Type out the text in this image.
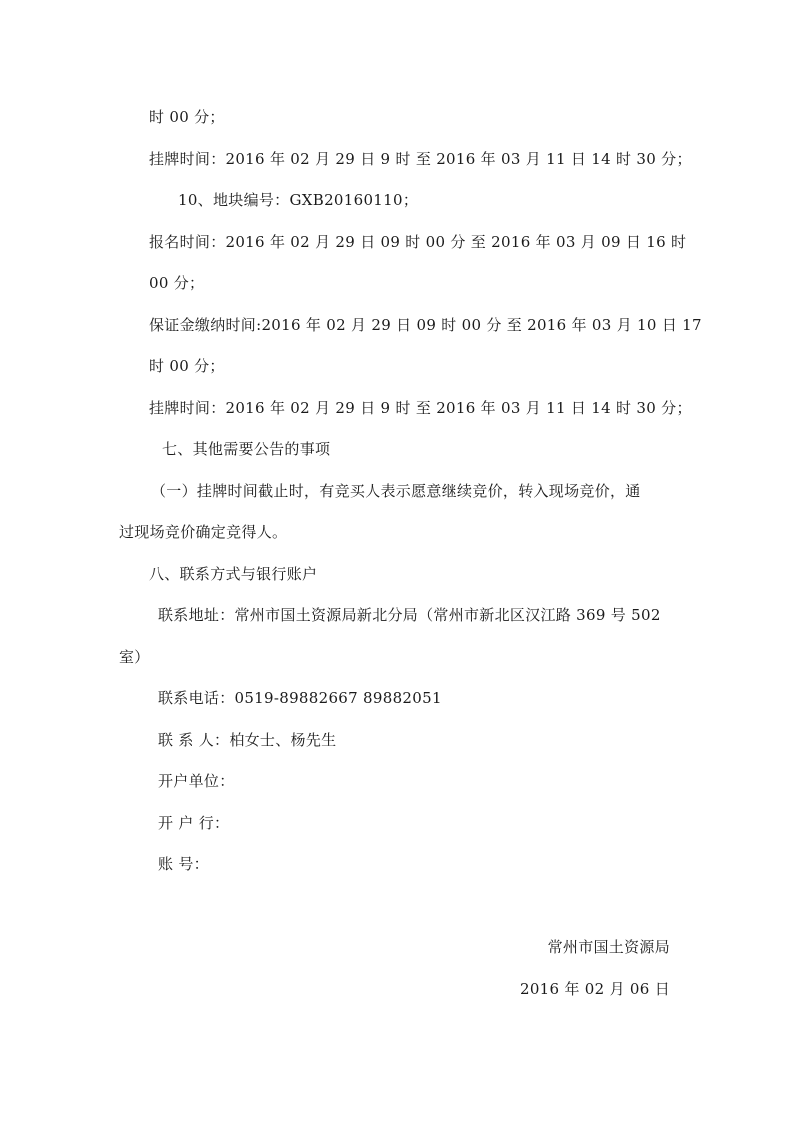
时 00 分；
挂牌时间：2016 年 02 月 29 日 9 时 至 2016 年 03 月 11 日 14 时 30 分；
10、地块编号：GXB20160110；
报名时间：2016 年 02 月 29 日 09 时 00 分 至 2016 年 03 月 09 日 16 时
00 分；
保证金缴纳时间:2016 年 02 月 29 日 09 时 00 分 至 2016 年 03 月 10 日 17
时 00 分；
挂牌时间：2016 年 02 月 29 日 9 时 至 2016 年 03 月 11 日 14 时 30 分；
七、其他需要公告的事项
（一）挂牌时间截止时，有竞买人表示愿意继续竞价，转入现场竞价，通
过现场竞价确定竞得人。
八、联系方式与银行账户
联系地址：常州市国土资源局新北分局（常州市新北区汉江路 369 号 502
室）
联系电话：0519-89882667 89882051
联 系 人：柏女士、杨先生
开户单位：
开 户 行：
账 号：
常州市国土资源局
2016 年 02 月 06 日
